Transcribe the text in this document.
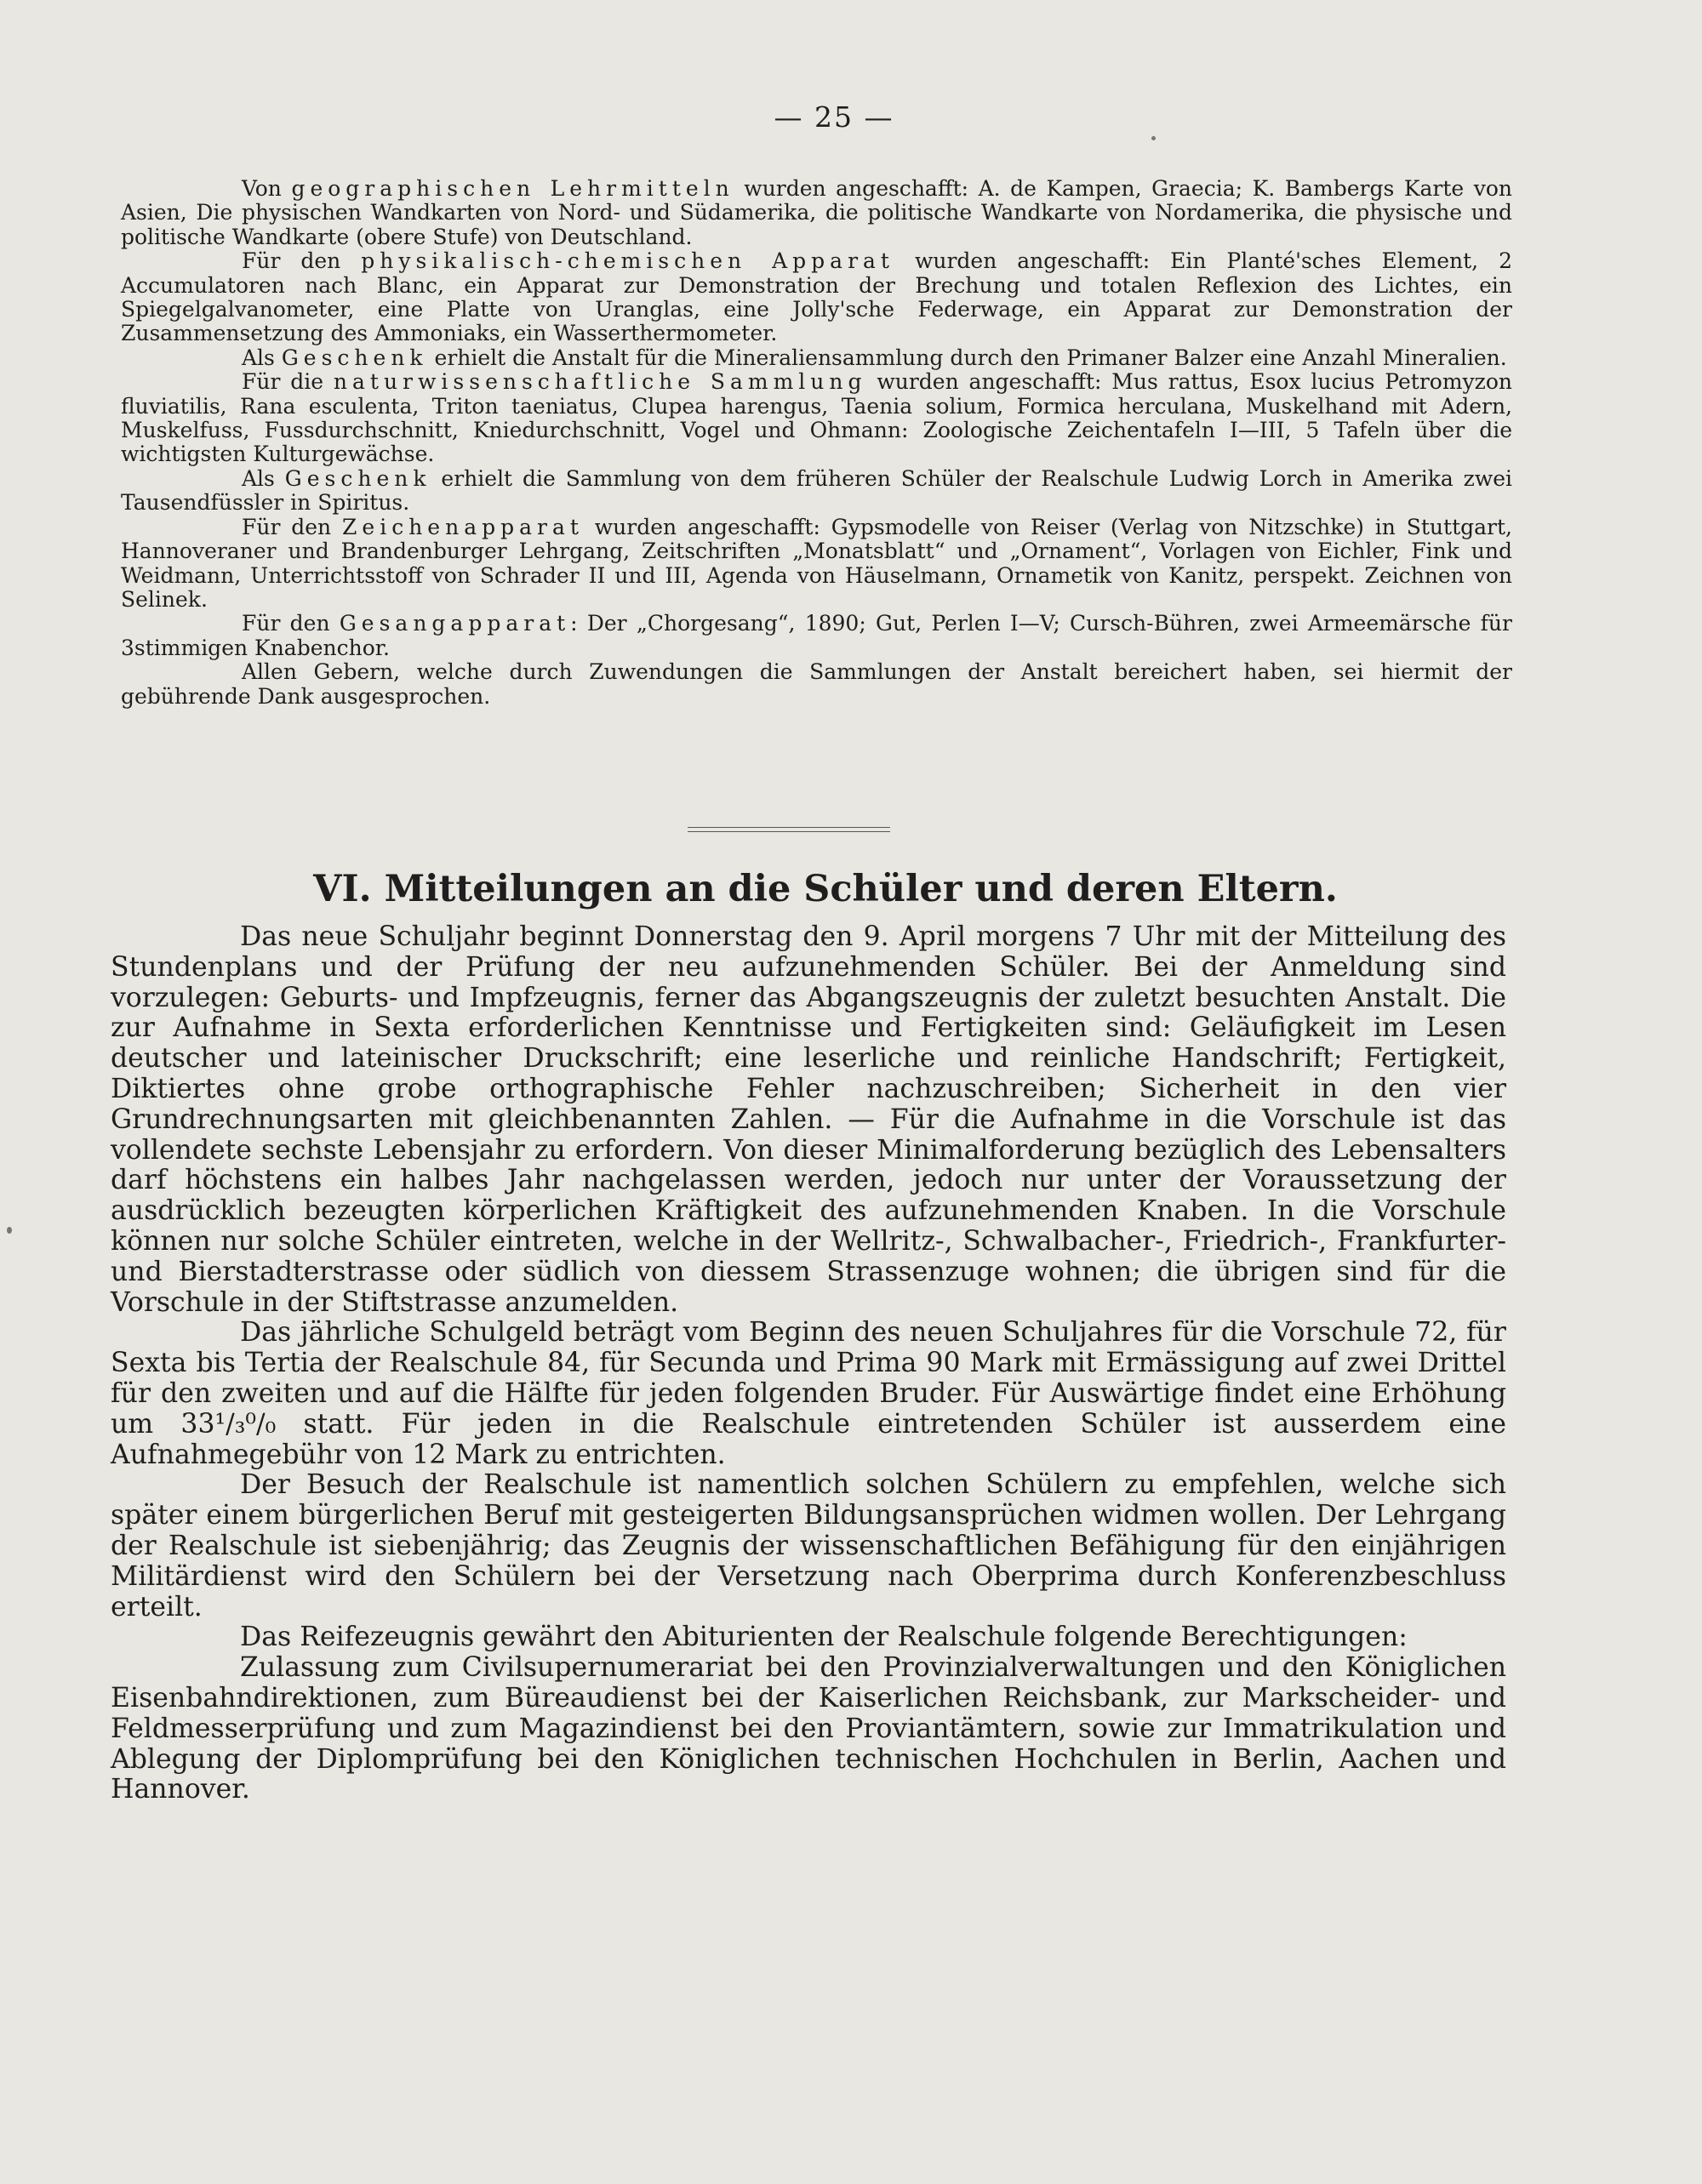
— 25 —

Von geographischen Lehrmitteln wurden angeschafft: A. de Kampen, Graecia; K. Bambergs Karte von Asien, Die physischen Wandkarten von Nord- und Südamerika, die politische Wandkarte von Nordamerika, die physische und politische Wandkarte (obere Stufe) von Deutschland.

Für den physikalisch-chemischen Apparat wurden angeschafft: Ein Planté'sches Element, 2 Accumulatoren nach Blanc, ein Apparat zur Demonstration der Brechung und totalen Reflexion des Lichtes, ein Spiegelgalvanometer, eine Platte von Uranglas, eine Jolly'sche Federwage, ein Apparat zur Demonstration der Zusammensetzung des Ammoniaks, ein Wasserthermometer.

Als Geschenk erhielt die Anstalt für die Mineraliensammlung durch den Primaner Balzer eine Anzahl Mineralien.

Für die naturwissenschaftliche Sammlung wurden angeschafft: Mus rattus, Esox lucius Petromyzon fluviatilis, Rana esculenta, Triton taeniatus, Clupea harengus, Taenia solium, Formica herculana, Muskelhand mit Adern, Muskelfuss, Fussdurchschnitt, Kniedurchschnitt, Vogel und Ohmann: Zoologische Zeichentafeln I—III, 5 Tafeln über die wichtigsten Kulturgewächse.

Als Geschenk erhielt die Sammlung von dem früheren Schüler der Realschule Ludwig Lorch in Amerika zwei Tausendfüssler in Spiritus.

Für den Zeichenapparat wurden angeschafft: Gypsmodelle von Reiser (Verlag von Nitzschke) in Stuttgart, Hannoveraner und Brandenburger Lehrgang, Zeitschriften „Monatsblatt“ und „Ornament“, Vorlagen von Eichler, Fink und Weidmann, Unterrichtsstoff von Schrader II und III, Agenda von Häuselmann, Ornametik von Kanitz, perspekt. Zeichnen von Selinek.

Für den Gesangapparat: Der „Chorgesang“, 1890; Gut, Perlen I—V; Cursch-Bühren, zwei Armeemärsche für 3stimmigen Knabenchor.

Allen Gebern, welche durch Zuwendungen die Sammlungen der Anstalt bereichert haben, sei hiermit der gebührende Dank ausgesprochen.

VI. Mitteilungen an die Schüler und deren Eltern.

Das neue Schuljahr beginnt Donnerstag den 9. April morgens 7 Uhr mit der Mitteilung des Stundenplans und der Prüfung der neu aufzunehmenden Schüler. Bei der Anmeldung sind vorzulegen: Geburts- und Impfzeugnis, ferner das Abgangszeugnis der zuletzt besuchten Anstalt. Die zur Aufnahme in Sexta erforderlichen Kenntnisse und Fertigkeiten sind: Geläufigkeit im Lesen deutscher und lateinischer Druckschrift; eine leserliche und reinliche Handschrift; Fertigkeit, Diktiertes ohne grobe orthographische Fehler nachzuschreiben; Sicherheit in den vier Grundrechnungsarten mit gleichbenannten Zahlen. — Für die Aufnahme in die Vorschule ist das vollendete sechste Lebensjahr zu erfordern. Von dieser Minimalforderung bezüglich des Lebensalters darf höchstens ein halbes Jahr nachgelassen werden, jedoch nur unter der Voraussetzung der ausdrücklich bezeugten körperlichen Kräftigkeit des aufzunehmenden Knaben. In die Vorschule können nur solche Schüler eintreten, welche in der Wellritz-, Schwalbacher-, Friedrich-, Frankfurter- und Bierstadterstrasse oder südlich von diessem Strassenzuge wohnen; die übrigen sind für die Vorschule in der Stiftstrasse anzumelden.

Das jährliche Schulgeld beträgt vom Beginn des neuen Schuljahres für die Vorschule 72, für Sexta bis Tertia der Realschule 84, für Secunda und Prima 90 Mark mit Ermässigung auf zwei Drittel für den zweiten und auf die Hälfte für jeden folgenden Bruder. Für Auswärtige findet eine Erhöhung um 33¹/₃⁰/₀ statt. Für jeden in die Realschule eintretenden Schüler ist ausserdem eine Aufnahmegebühr von 12 Mark zu entrichten.

Der Besuch der Realschule ist namentlich solchen Schülern zu empfehlen, welche sich später einem bürgerlichen Beruf mit gesteigerten Bildungsansprüchen widmen wollen. Der Lehrgang der Realschule ist siebenjährig; das Zeugnis der wissenschaftlichen Befähigung für den einjährigen Militärdienst wird den Schülern bei der Versetzung nach Oberprima durch Konferenzbeschluss erteilt.

Das Reifezeugnis gewährt den Abiturienten der Realschule folgende Berechtigungen:

Zulassung zum Civilsupernumerariat bei den Provinzialverwaltungen und den Königlichen Eisenbahndirektionen, zum Büreaudienst bei der Kaiserlichen Reichsbank, zur Markscheider- und Feldmesserprüfung und zum Magazindienst bei den Proviantämtern, sowie zur Immatrikulation und Ablegung der Diplomprüfung bei den Königlichen technischen Hochchulen in Berlin, Aachen und Hannover.
